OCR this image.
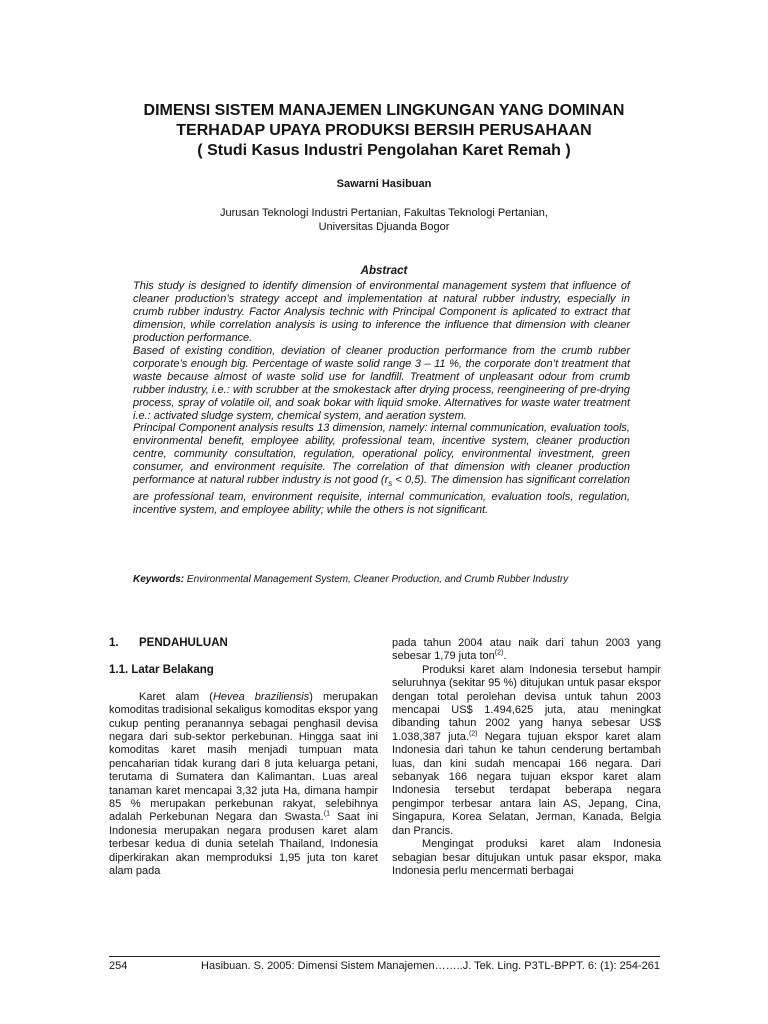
DIMENSI SISTEM MANAJEMEN LINGKUNGAN YANG DOMINAN
TERHADAP UPAYA PRODUKSI BERSIH PERUSAHAAN
( Studi Kasus Industri Pengolahan Karet Remah )
Sawarni Hasibuan
Jurusan Teknologi Industri Pertanian, Fakultas Teknologi Pertanian,
Universitas Djuanda Bogor
Abstract

This study is designed to identify dimension of environmental management system that influence of cleaner production’s strategy accept and implementation at natural rubber industry, especially in crumb rubber industry. Factor Analysis technic with Principal Component is aplicated to extract that dimension, while correlation analysis is using to inference the influence that dimension with cleaner production performance.

Based of existing condition, deviation of cleaner production performance from the crumb rubber corporate’s enough big. Percentage of waste solid range 3 – 11 %, the corporate don’t treatment that waste because almost of waste solid use for landfill. Treatment of unpleasant odour from crumb rubber industry, i.e.: with scrubber at the smokestack after drying process, reengineering of pre-drying process, spray of volatile oil, and soak bokar with liquid smoke. Alternatives for waste water treatment i.e.: activated sludge system, chemical system, and aeration system.

Principal Component analysis results 13 dimension, namely: internal communication, evaluation tools, environmental benefit, employee ability, professional team, incentive system, cleaner production centre, community consultation, regulation, operational policy, environmental investment, green consumer, and environment requisite. The correlation of that dimension with cleaner production performance at natural rubber industry is not good $(r_s < 0,5)$. The dimension has significant correlation are professional team, environment requisite, internal communication, evaluation tools, regulation, incentive system, and employee ability; while the others is not significant.

Keywords: Environmental Management System, Cleaner Production, and Crumb Rubber Industry
1.	PENDAHULUAN
1.1. Latar Belakang

Karet alam (Hevea braziliensis) merupakan komoditas tradisional sekaligus komoditas ekspor yang cukup penting peranannya sebagai penghasil devisa negara dari sub-sektor perkebunan. Hingga saat ini komoditas karet masih menjadi tumpuan mata pencaharian tidak kurang dari 8 juta keluarga petani, terutama di Sumatera dan Kalimantan. Luas areal tanaman karet mencapai 3,32 juta Ha, dimana hampir 85 % merupakan perkebunan rakyat, selebihnya adalah Perkebunan Negara dan Swasta.$^{(1}$ Saat ini Indonesia merupakan negara produsen karet alam terbesar kedua di dunia setelah Thailand, Indonesia diperkirakan akan memproduksi 1,95 juta ton karet alam pada

pada tahun 2004 atau naik dari tahun 2003 yang sebesar 1,79 juta ton$^{(2)}$.

Produksi karet alam Indonesia tersebut hampir seluruhnya (sekitar 95 %) ditujukan untuk pasar ekspor dengan total perolehan devisa untuk tahun 2003 mencapai US$ 1.494,625 juta, atau meningkat dibanding tahun 2002 yang hanya sebesar US$ 1.038,387 juta.$^{(2)}$ Negara tujuan ekspor karet alam Indonesia dari tahun ke tahun cenderung bertambah luas, dan kini sudah mencapai 166 negara. Dari sebanyak 166 negara tujuan ekspor karet alam Indonesia tersebut terdapat beberapa negara pengimpor terbesar antara lain AS, Jepang, Cina, Singapura, Korea Selatan, Jerman, Kanada, Belgia dan Prancis.

Mengingat produksi karet alam Indonesia sebagian besar ditujukan untuk pasar ekspor, maka Indonesia perlu mencermati berbagai

254	Hasibuan. S. 2005: Dimensi Sistem Manajemen……..J. Tek. Ling. P3TL-BPPT. 6: (1): 254-261
